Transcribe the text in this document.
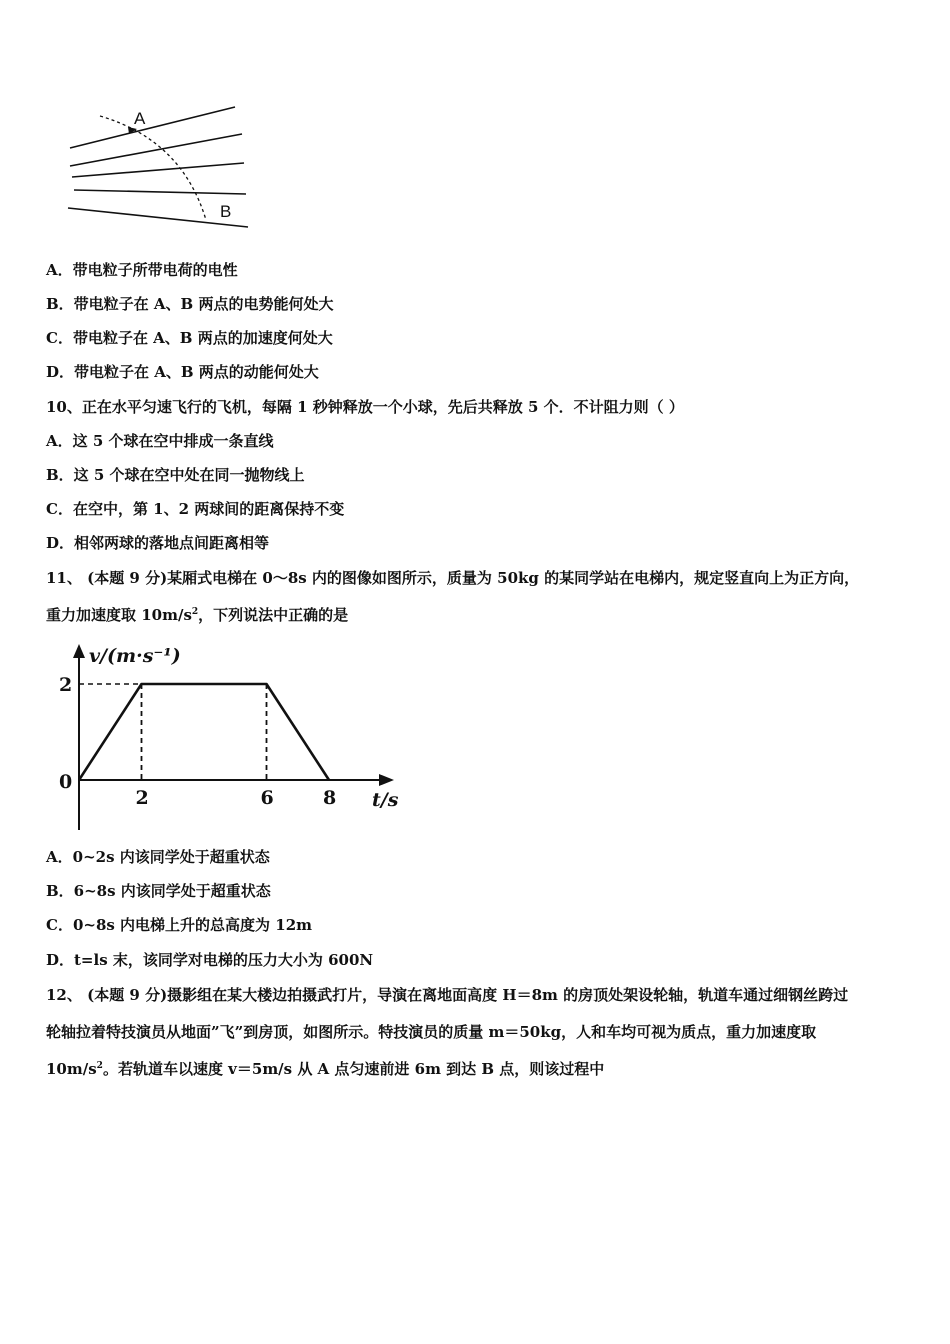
A
B
A．带电粒子所带电荷的电性
B．带电粒子在 A、B 两点的电势能何处大
C．带电粒子在 A、B 两点的加速度何处大
D．带电粒子在 A、B 两点的动能何处大
10、正在水平匀速飞行的飞机，每隔 1 秒钟释放一个小球，先后共释放 5 个．不计阻力则（ ）
A．这 5 个球在空中排成一条直线
B．这 5 个球在空中处在同一抛物线上
C．在空中，第 1、2 两球间的距离保持不变
D．相邻两球的落地点间距离相等
11、 (本题 9 分)某厢式电梯在 0～8s 内的图像如图所示，质量为 50kg 的某同学站在电梯内，规定竖直向上为正方向，
重力加速度取 $10m/s^2$，下列说法中正确的是
v/(m·s⁻¹)
t/s
0
2	6	8
2
A．0~2s 内该同学处于超重状态
B．6~8s 内该同学处于超重状态
C．0~8s 内电梯上升的总高度为 12m
D．t=ls 末，该同学对电梯的压力大小为 600N
12、 (本题 9 分)摄影组在某大楼边拍摄武打片，导演在离地面高度 H＝8m 的房顶处架设轮轴，轨道车通过细钢丝跨过
轮轴拉着特技演员从地面”飞”到房顶，如图所示。特技演员的质量 m＝50kg，人和车均可视为质点，重力加速度取
$10m/s^2$。若轨道车以速度 v＝5m/s 从 A 点匀速前进 6m 到达 B 点，则该过程中
